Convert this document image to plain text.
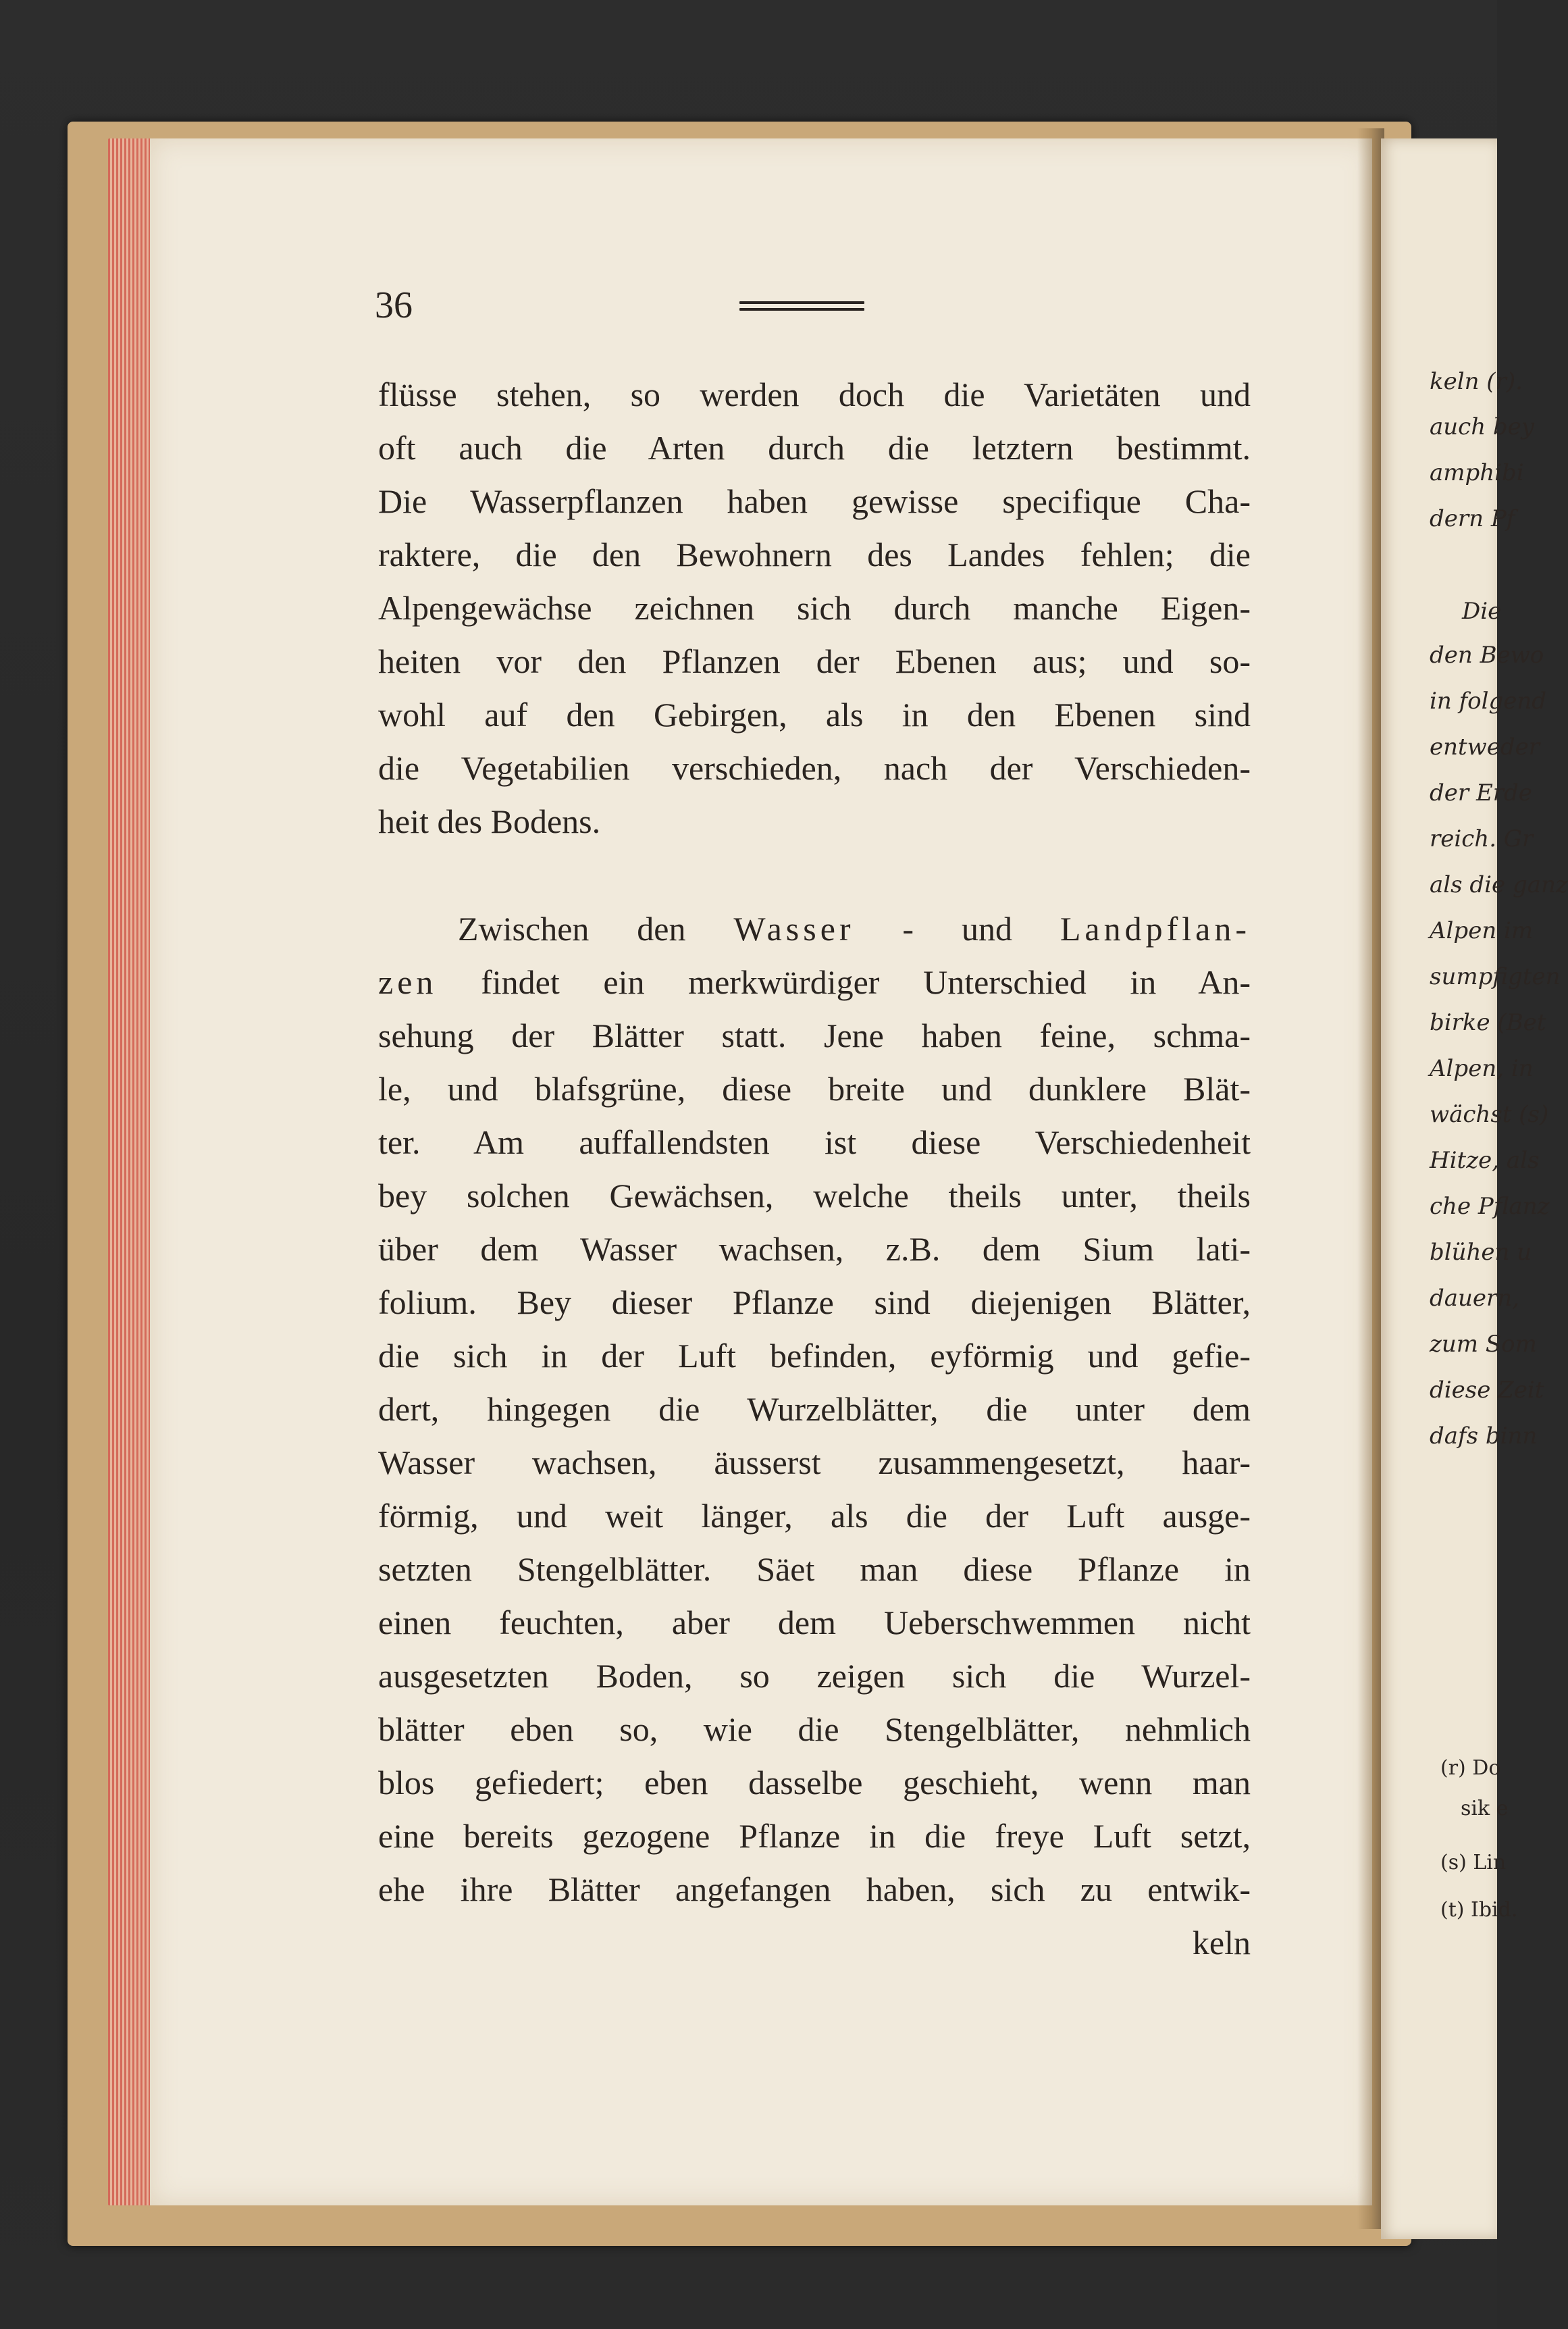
keln (r).
auch bey
amphibi
dern Pf
Die
den Bewo
in folgend
entweder
der Erde
reich. Gr
als die ganz
Alpen im
sumpfigten
birke (Bet
Alpen, in
wächst (s)
Hitze, als
che Pflanz
blühen u
dauern,
zum Som
diese Zeit
dafs binn
(r) Do
sik e
(s) Lin
(t) Ibid.
36
flüsse stehen, so werden doch die Varietäten und
oft auch die Arten durch die letztern bestimmt.
Die Wasserpflanzen haben gewisse specifique Cha-
raktere, die den Bewohnern des Landes fehlen; die
Alpengewächse zeichnen sich durch manche Eigen-
heiten vor den Pflanzen der Ebenen aus; und so-
wohl auf den Gebirgen, als in den Ebenen sind
die Vegetabilien verschieden, nach der Verschieden-
heit des Bodens.
Zwischen den Wasser - und Landpflan-
zen findet ein merkwürdiger Unterschied in An-
sehung der Blätter statt. Jene haben feine, schma-
le, und blafsgrüne, diese breite und dunklere Blät-
ter. Am auffallendsten ist diese Verschiedenheit
bey solchen Gewächsen, welche theils unter, theils
über dem Wasser wachsen, z.B. dem Sium lati-
folium. Bey dieser Pflanze sind diejenigen Blätter,
die sich in der Luft befinden, eyförmig und gefie-
dert, hingegen die Wurzelblätter, die unter dem
Wasser wachsen, äusserst zusammengesetzt, haar-
förmig, und weit länger, als die der Luft ausge-
setzten Stengelblätter. Säet man diese Pflanze in
einen feuchten, aber dem Ueberschwemmen nicht
ausgesetzten Boden, so zeigen sich die Wurzel-
blätter eben so, wie die Stengelblätter, nehmlich
blos gefiedert; eben dasselbe geschieht, wenn man
eine bereits gezogene Pflanze in die freye Luft setzt,
ehe ihre Blätter angefangen haben, sich zu entwik-
keln
